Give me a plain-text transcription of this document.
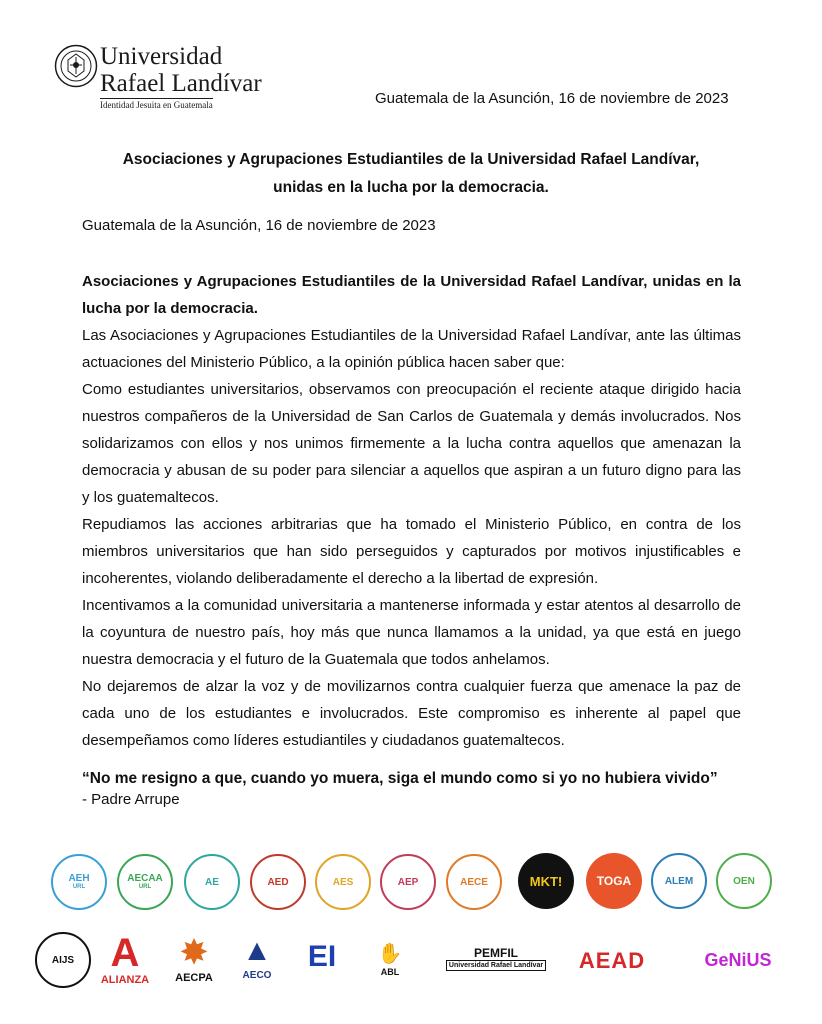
Universidad
Rafael Landívar
Identidad Jesuita en Guatemala	Guatemala de la Asunción, 16 de noviembre de 2023
Asociaciones y Agrupaciones Estudiantiles de la Universidad Rafael Landívar,
unidas en la lucha por la democracia.
Guatemala de la Asunción, 16 de noviembre de 2023

Asociaciones y Agrupaciones Estudiantiles de la Universidad Rafael Landívar, unidas en la lucha por la democracia.

Las Asociaciones y Agrupaciones Estudiantiles de la Universidad Rafael Landívar, ante las últimas actuaciones del Ministerio Público, a la opinión pública hacen saber que:

Como estudiantes universitarios, observamos con preocupación el reciente ataque dirigido hacia nuestros compañeros de la Universidad de San Carlos de Guatemala y demás involucrados. Nos solidarizamos con ellos y nos unimos firmemente a la lucha contra aquellos que amenazan la democracia y abusan de su poder para silenciar a aquellos que aspiran a un futuro digno para las y los guatemaltecos.

Repudiamos las acciones arbitrarias que ha tomado el Ministerio Público, en contra de los miembros universitarios que han sido perseguidos y capturados por motivos injustificables e incoherentes, violando deliberadamente el derecho a la libertad de expresión.

Incentivamos a la comunidad universitaria a mantenerse informada y estar atentos al desarrollo de la coyuntura de nuestro país, hoy más que nunca llamamos a la unidad, ya que está en juego nuestra democracia y el futuro de la Guatemala que todos anhelamos.

No dejaremos de alzar la voz y de movilizarnos contra cualquier fuerza que amenace la paz de cada uno de los estudiantes e involucrados. Este compromiso es inherente al papel que desempeñamos como líderes estudiantiles y ciudadanos guatemaltecos.

“No me resigno a que, cuando yo muera, siga el mundo como si yo no hubiera vivido”
- Padre Arrupe
AEH
URL
AECAA
URL	AE	AED	AES	AEP	AECE	MKT!	TOGA	ALEM	OEN
AIJS A
ALIANZA
✸
AECPA
▲
AECO
EI ✋
ABL
PEMFIL
Universidad Rafael Landívar AEAD	GeNiUS
